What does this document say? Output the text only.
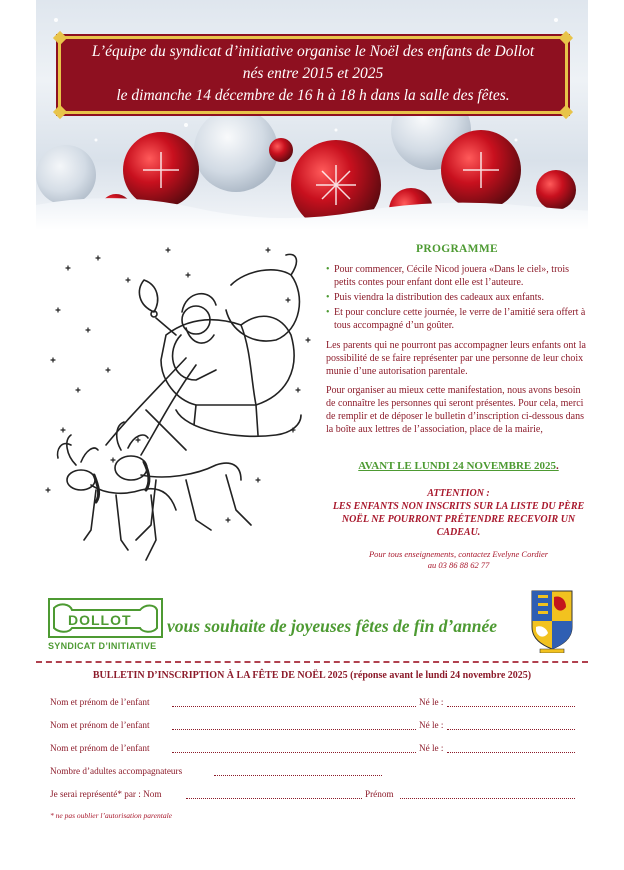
L’équipe du syndicat d’initiative organise le Noël des enfants de Dollot
nés entre 2015 et 2025
le dimanche 14 décembre de 16 h à 18 h dans la salle des fêtes.
PROGRAMME
• Pour commencer, Cécile Nicod jouera «Dans le ciel», trois petits contes pour enfant dont elle est l’auteure.
• Puis viendra la distribution des cadeaux aux enfants.
• Et pour conclure cette journée, le verre de l’amitié sera offert à tous accompagné d’un goûter.

Les parents qui ne pourront pas accompagner leurs enfants ont la possibilité de se faire représenter par une personne de leur choix munie d’une autorisation parentale.

Pour organiser au mieux cette manifestation, nous avons besoin de connaître les personnes qui seront présentes. Pour cela, merci de remplir et de déposer le bulletin d’inscription ci-dessous dans la boîte aux lettres de l’association, place de la mairie,

AVANT LE LUNDI 24 NOVEMBRE 2025.
ATTENTION :
LES ENFANTS NON INSCRITS SUR LA LISTE DU PÈRE NOËL NE POURRONT PRÉTENDRE RECEVOIR UN CADEAU.
Pour tous enseignements, contactez Evelyne Cordier
au 03 86 88 62 77
DOLLOT
SYNDICAT D’INITIATIVE
vous souhaite de joyeuses fêtes de fin d’année
BULLETIN D’INSCRIPTION À LA FÊTE DE NOËL 2025 (réponse avant le lundi 24 novembre 2025)
Nom et prénom de l’enfant	Né le :
Nom et prénom de l’enfant	Né le :
Nom et prénom de l’enfant	Né le :
Nombre d’adultes accompagnateurs
Je serai représenté* par : Nom	Prénom
* ne pas oublier l’autorisation parentale
